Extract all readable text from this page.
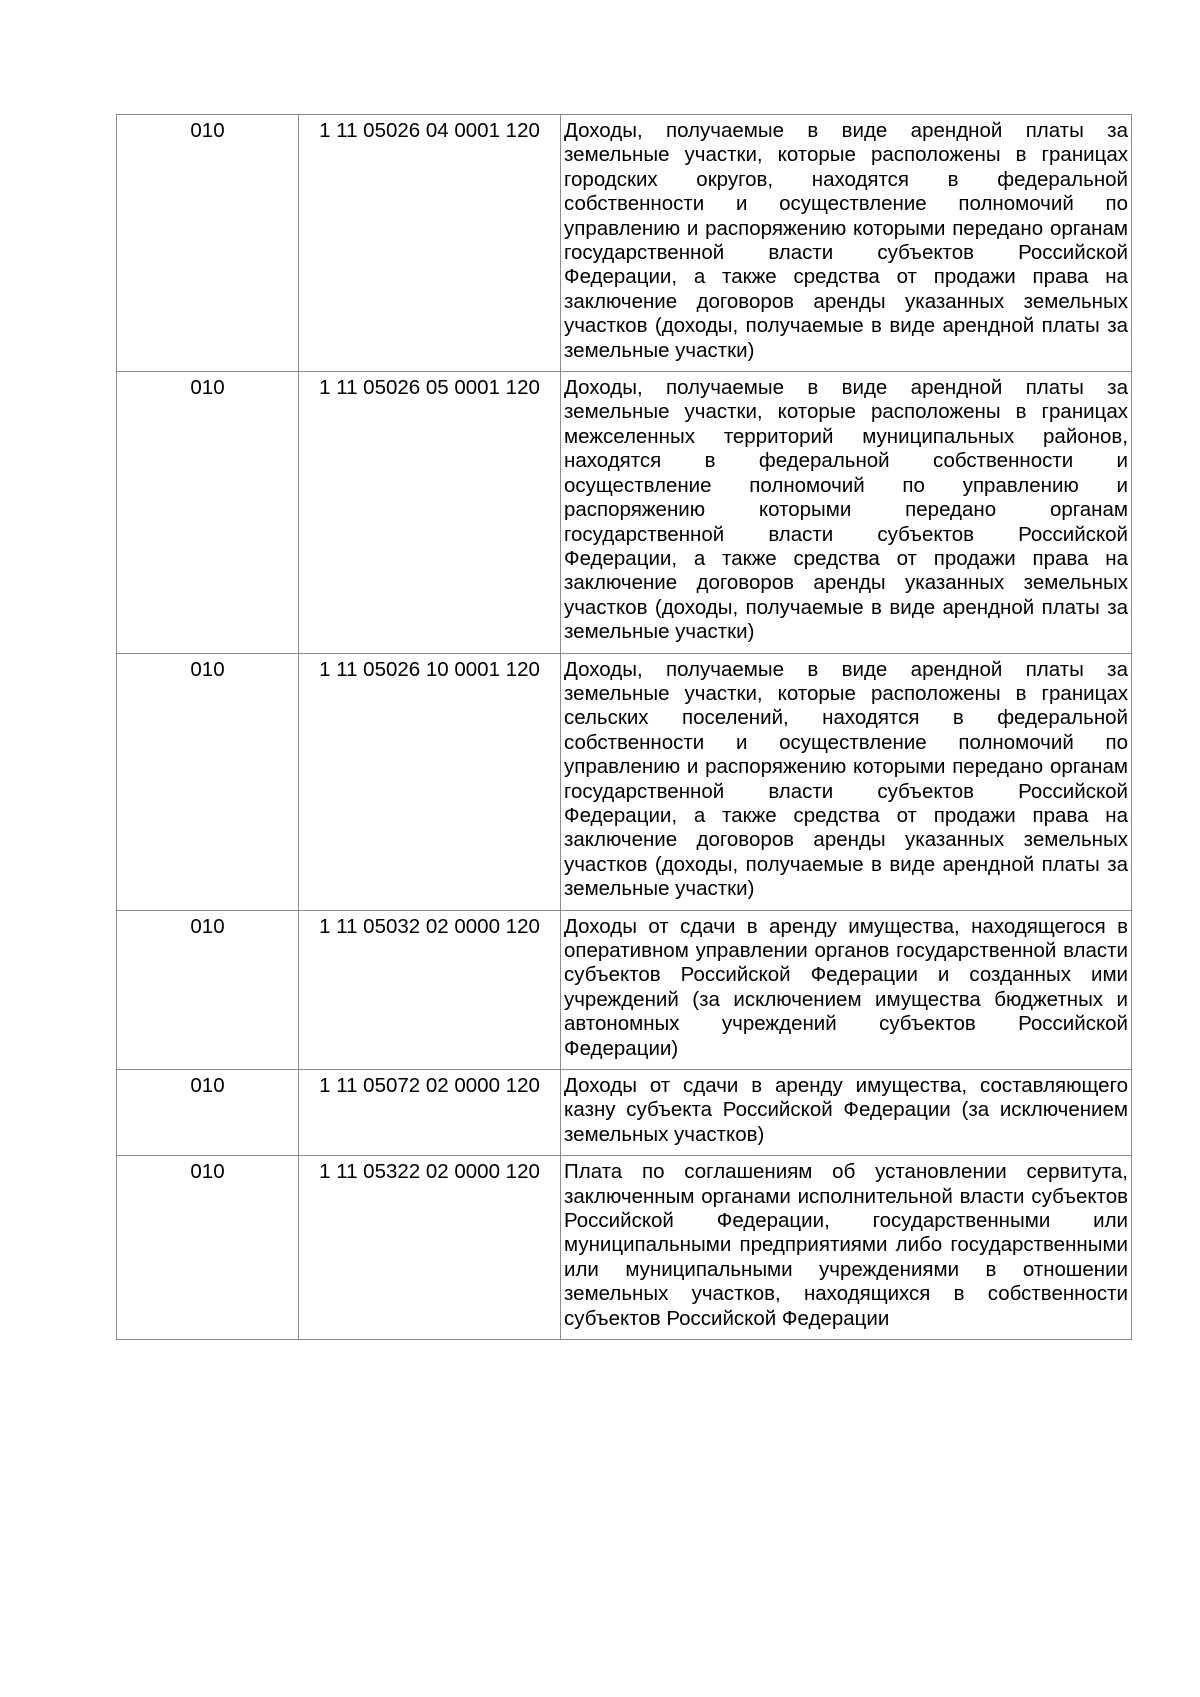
010	1 11 05026 04 0001 120	Доходы, получаемые в виде арендной платы за земельные участки, которые расположены в границах городских округов, находятся в федеральной собственности и осуществление полномочий по управлению и распоряжению которыми передано органам государственной власти субъектов Российской Федерации, а также средства от продажи права на заключение договоров аренды указанных земельных участков (доходы, получаемые в виде арендной платы за земельные участки)
010	1 11 05026 05 0001 120	Доходы, получаемые в виде арендной платы за земельные участки, которые расположены в границах межселенных территорий муниципальных районов, находятся в федеральной собственности и осуществление полномочий по управлению и распоряжению которыми передано органам государственной власти субъектов Российской Федерации, а также средства от продажи права на заключение договоров аренды указанных земельных участков (доходы, получаемые в виде арендной платы за земельные участки)
010	1 11 05026 10 0001 120	Доходы, получаемые в виде арендной платы за земельные участки, которые расположены в границах сельских поселений, находятся в федеральной собственности и осуществление полномочий по управлению и распоряжению которыми передано органам государственной власти субъектов Российской Федерации, а также средства от продажи права на заключение договоров аренды указанных земельных участков (доходы, получаемые в виде арендной платы за земельные участки)
010	1 11 05032 02 0000 120	Доходы от сдачи в аренду имущества, находящегося в оперативном управлении органов государственной власти субъектов Российской Федерации и созданных ими учреждений (за исключением имущества бюджетных и автономных учреждений субъектов Российской Федерации)
010	1 11 05072 02 0000 120	Доходы от сдачи в аренду имущества, составляющего казну субъекта Российской Федерации (за исключением земельных участков)
010	1 11 05322 02 0000 120	Плата по соглашениям об установлении сервитута, заключенным органами исполнительной власти субъектов Российской Федерации, государственными или муниципальными предприятиями либо государственными или муниципальными учреждениями в отношении земельных участков, находящихся в собственности субъектов Российской Федерации
